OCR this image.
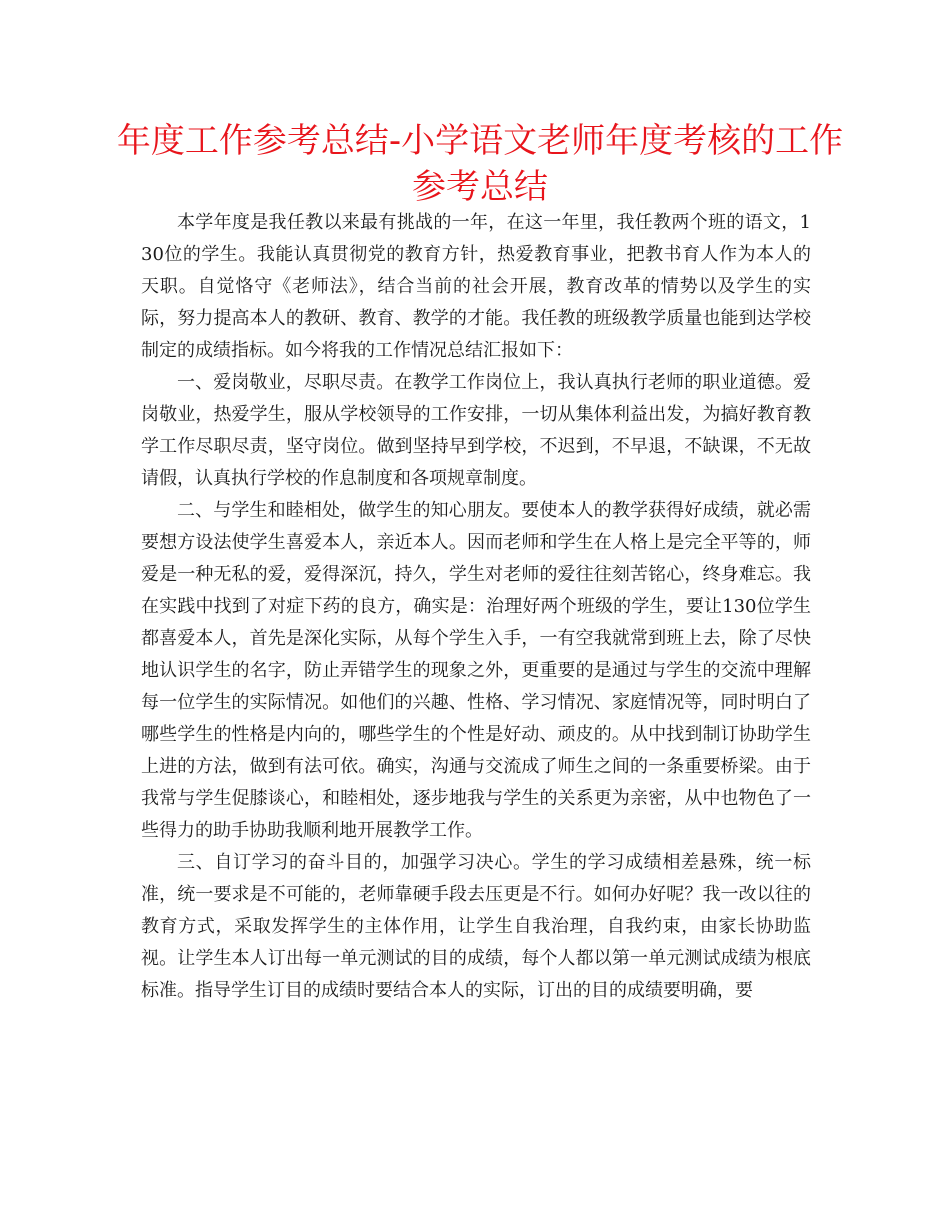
年度工作参考总结-小学语文老师年度考核的工作参考总结

本学年度是我任教以来最有挑战的一年，在这一年里，我任教两个班的语文，130位的学生。我能认真贯彻党的教育方针，热爱教育事业，把教书育人作为本人的天职。自觉恪守《老师法》，结合当前的社会开展，教育改革的情势以及学生的实际，努力提高本人的教研、教育、教学的才能。我任教的班级教学质量也能到达学校制定的成绩指标。如今将我的工作情况总结汇报如下：

一、爱岗敬业，尽职尽责。在教学工作岗位上，我认真执行老师的职业道德。爱岗敬业，热爱学生，服从学校领导的工作安排，一切从集体利益出发，为搞好教育教学工作尽职尽责，坚守岗位。做到坚持早到学校，不迟到，不早退，不缺课，不无故请假，认真执行学校的作息制度和各项规章制度。

二、与学生和睦相处，做学生的知心朋友。要使本人的教学获得好成绩，就必需要想方设法使学生喜爱本人，亲近本人。因而老师和学生在人格上是完全平等的，师爱是一种无私的爱，爱得深沉，持久，学生对老师的爱往往刻苦铭心，终身难忘。我在实践中找到了对症下药的良方，确实是：治理好两个班级的学生，要让130位学生都喜爱本人，首先是深化实际，从每个学生入手，一有空我就常到班上去，除了尽快地认识学生的名字，防止弄错学生的现象之外，更重要的是通过与学生的交流中理解每一位学生的实际情况。如他们的兴趣、性格、学习情况、家庭情况等，同时明白了哪些学生的性格是内向的，哪些学生的个性是好动、顽皮的。从中找到制订协助学生上进的方法，做到有法可依。确实，沟通与交流成了师生之间的一条重要桥梁。由于我常与学生促膝谈心，和睦相处，逐步地我与学生的关系更为亲密，从中也物色了一些得力的助手协助我顺利地开展教学工作。

三、自订学习的奋斗目的，加强学习决心。学生的学习成绩相差悬殊，统一标准，统一要求是不可能的，老师靠硬手段去压更是不行。如何办好呢？我一改以往的教育方式，采取发挥学生的主体作用，让学生自我治理，自我约束，由家长协助监视。让学生本人订出每一单元测试的目的成绩，每个人都以第一单元测试成绩为根底标准。指导学生订目的成绩时要结合本人的实际，订出的目的成绩要明确，要
